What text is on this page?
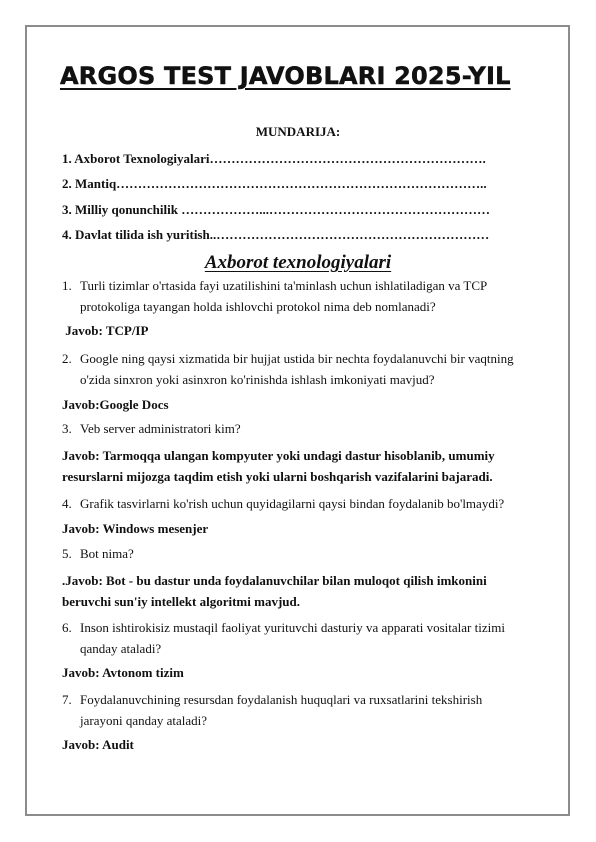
ARGOS TEST JAVOBLARI 2025-YIL
MUNDARIJA:
1. Axborot Texnologiyalari……………………………………………………….
2. Mantiq…………………………………………………………………………..
3. Milliy qonunchilik ………………...……………………………………………
4. Davlat tilida ish yuritish..………………………………………………………
Axborot texnologiyalari
1. Turli tizimlar o'rtasida fayi uzatilishini ta'minlash uchun ishlatiladigan va TCP
protokoliga tayangan holda ishlovchi protokol nima deb nomlanadi?
Javob: TCP/IP
2. Google ning qaysi xizmatida bir hujjat ustida bir nechta foydalanuvchi bir vaqtning
o'zida sinxron yoki asinxron ko'rinishda ishlash imkoniyati mavjud?
Javob:Google Docs
3. Veb server administratori kim?
Javob: Tarmoqqa ulangan kompyuter yoki undagi dastur hisoblanib, umumiy
resurslarni mijozga taqdim etish yoki ularni boshqarish vazifalarini bajaradi.
4. Grafik tasvirlarni ko'rish uchun quyidagilarni qaysi bindan foydalanib bo'lmaydi?
Javob: Windows mesenjer
5. Bot nima?
.Javob: Bot - bu dastur unda foydalanuvchilar bilan muloqot qilish imkonini
beruvchi sun'iy intellekt algoritmi mavjud.
6. Inson ishtirokisiz mustaqil faoliyat yurituvchi dasturiy va apparati vositalar tizimi
qanday ataladi?
Javob: Avtonom tizim
7. Foydalanuvchining resursdan foydalanish huquqlari va ruxsatlarini tekshirish
jarayoni qanday ataladi?
Javob: Audit
